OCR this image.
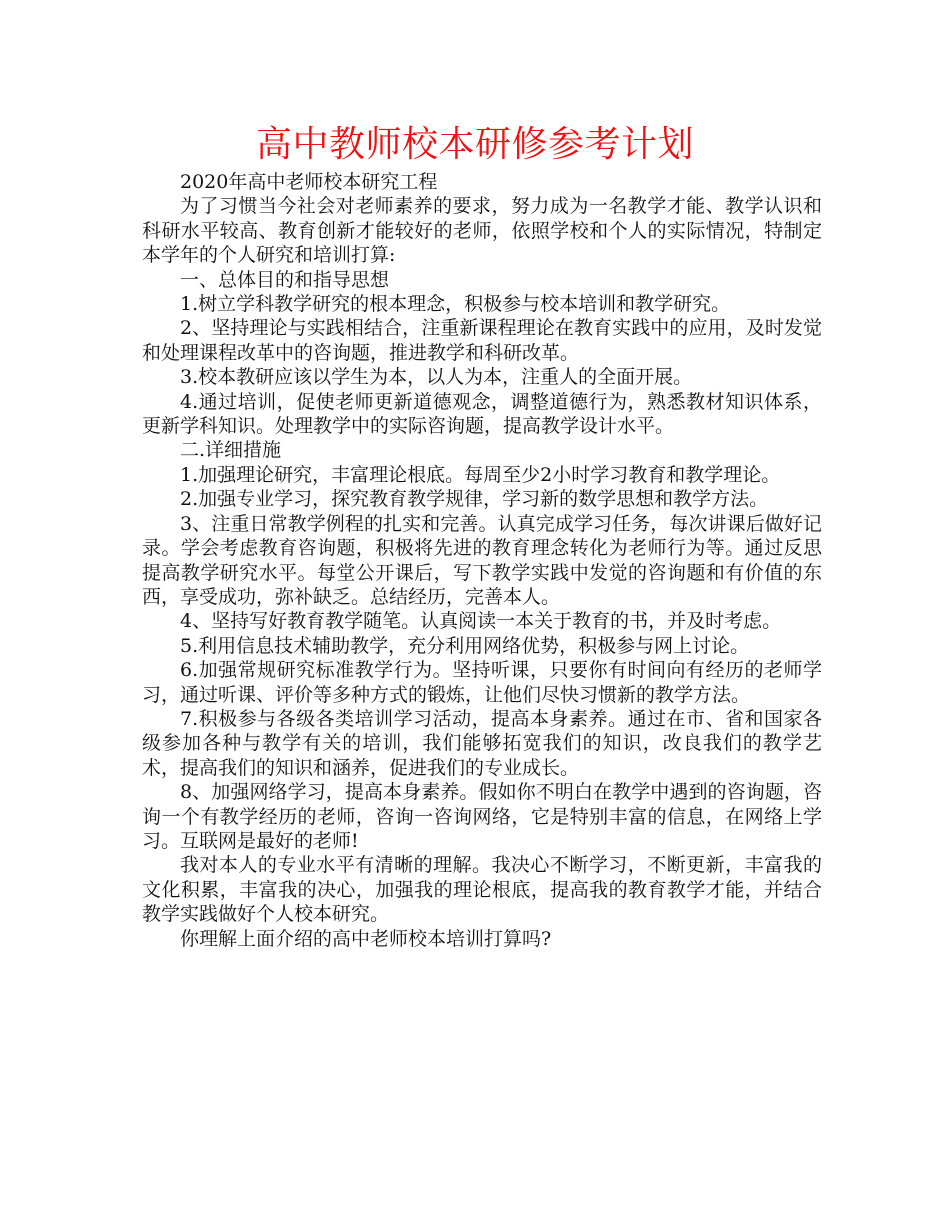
高中教师校本研修参考计划

2020年高中老师校本研究工程

为了习惯当今社会对老师素养的要求，努力成为一名教学才能、教学认识和科研水平较高、教育创新才能较好的老师，依照学校和个人的实际情况，特制定本学年的个人研究和培训打算:

一、总体目的和指导思想

1.树立学科教学研究的根本理念，积极参与校本培训和教学研究。

2、坚持理论与实践相结合，注重新课程理论在教育实践中的应用，及时发觉和处理课程改革中的咨询题，推进教学和科研改革。

3.校本教研应该以学生为本，以人为本，注重人的全面开展。

4.通过培训，促使老师更新道德观念，调整道德行为，熟悉教材知识体系，更新学科知识。处理教学中的实际咨询题，提高教学设计水平。

二.详细措施

1.加强理论研究，丰富理论根底。每周至少2小时学习教育和教学理论。

2.加强专业学习，探究教育教学规律，学习新的数学思想和教学方法。

3、注重日常教学例程的扎实和完善。认真完成学习任务，每次讲课后做好记录。学会考虑教育咨询题，积极将先进的教育理念转化为老师行为等。通过反思提高教学研究水平。每堂公开课后，写下教学实践中发觉的咨询题和有价值的东西，享受成功，弥补缺乏。总结经历，完善本人。

4、坚持写好教育教学随笔。认真阅读一本关于教育的书，并及时考虑。

5.利用信息技术辅助教学，充分利用网络优势，积极参与网上讨论。

6.加强常规研究标准教学行为。坚持听课，只要你有时间向有经历的老师学习，通过听课、评价等多种方式的锻炼，让他们尽快习惯新的教学方法。

7.积极参与各级各类培训学习活动，提高本身素养。通过在市、省和国家各级参加各种与教学有关的培训，我们能够拓宽我们的知识，改良我们的教学艺术，提高我们的知识和涵养，促进我们的专业成长。

8、加强网络学习，提高本身素养。假如你不明白在教学中遇到的咨询题，咨询一个有教学经历的老师，咨询一咨询网络，它是特别丰富的信息，在网络上学习。互联网是最好的老师!

我对本人的专业水平有清晰的理解。我决心不断学习，不断更新，丰富我的文化积累，丰富我的决心，加强我的理论根底，提高我的教育教学才能，并结合教学实践做好个人校本研究。

你理解上面介绍的高中老师校本培训打算吗?
